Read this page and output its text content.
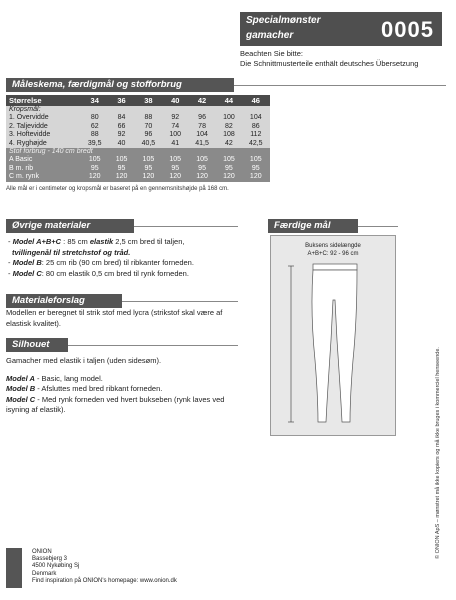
Specialmønster
gamacher	0005
Beachten Sie bitte:
Die Schnittmusterteile enthält deutsches Übersetzung
Måleskema, færdigmål og stofforbrug
Størrelse	34	36	38	40	42	44	46
Kropsmål:							
1. Overvidde	80	84	88	92	96	100	104
2. Taljevidde	62	66	70	74	78	82	86
3. Hoftevidde	88	92	96	100	104	108	112
4. Ryghøjde	39,5	40	40,5	41	41,5	42	42,5
Stof forbrug - 140 cm bredt							
A Basic	105	105	105	105	105	105	105
B m. rib	95	95	95	95	95	95	95
C m. rynk	120	120	120	120	120	120	120
Alle mål er i centimeter og kropsmål er baseret på en gennemsnitshøjde på 168 cm.
Øvrige materialer
- Model A+B+C : 85 cm elastik 2,5 cm bred til taljen,
tvillingenål til stretchstof og tråd.
- Model B: 25 cm rib (90 cm bred) til ribkanter forneden.
- Model C: 80 cm elastik 0,5 cm bred til rynk forneden.
Materialeforslag
Modellen er beregnet til strik stof med lycra (strikstof skal være af elastisk kvalitet).
Silhouet
Gamacher med elastik i taljen (uden sidesøm).
Model A - Basic, lang model.
Model B - Afsluttes med bred ribkant forneden.
Model C - Med rynk forneden ved hvert bukseben (rynk laves ved isyning af elastik).
Færdige mål
Buksens sidelængde
A+B+C: 92 - 96 cm
ONION
Bassebjerg 3
4500 Nykøbing Sj
Denmark
Find inspiration på ONION's homepage: www.onion.dk
© ONION ApS – mønstret må ikke kopiers og må ikke bruges i kommerciel henseende.
